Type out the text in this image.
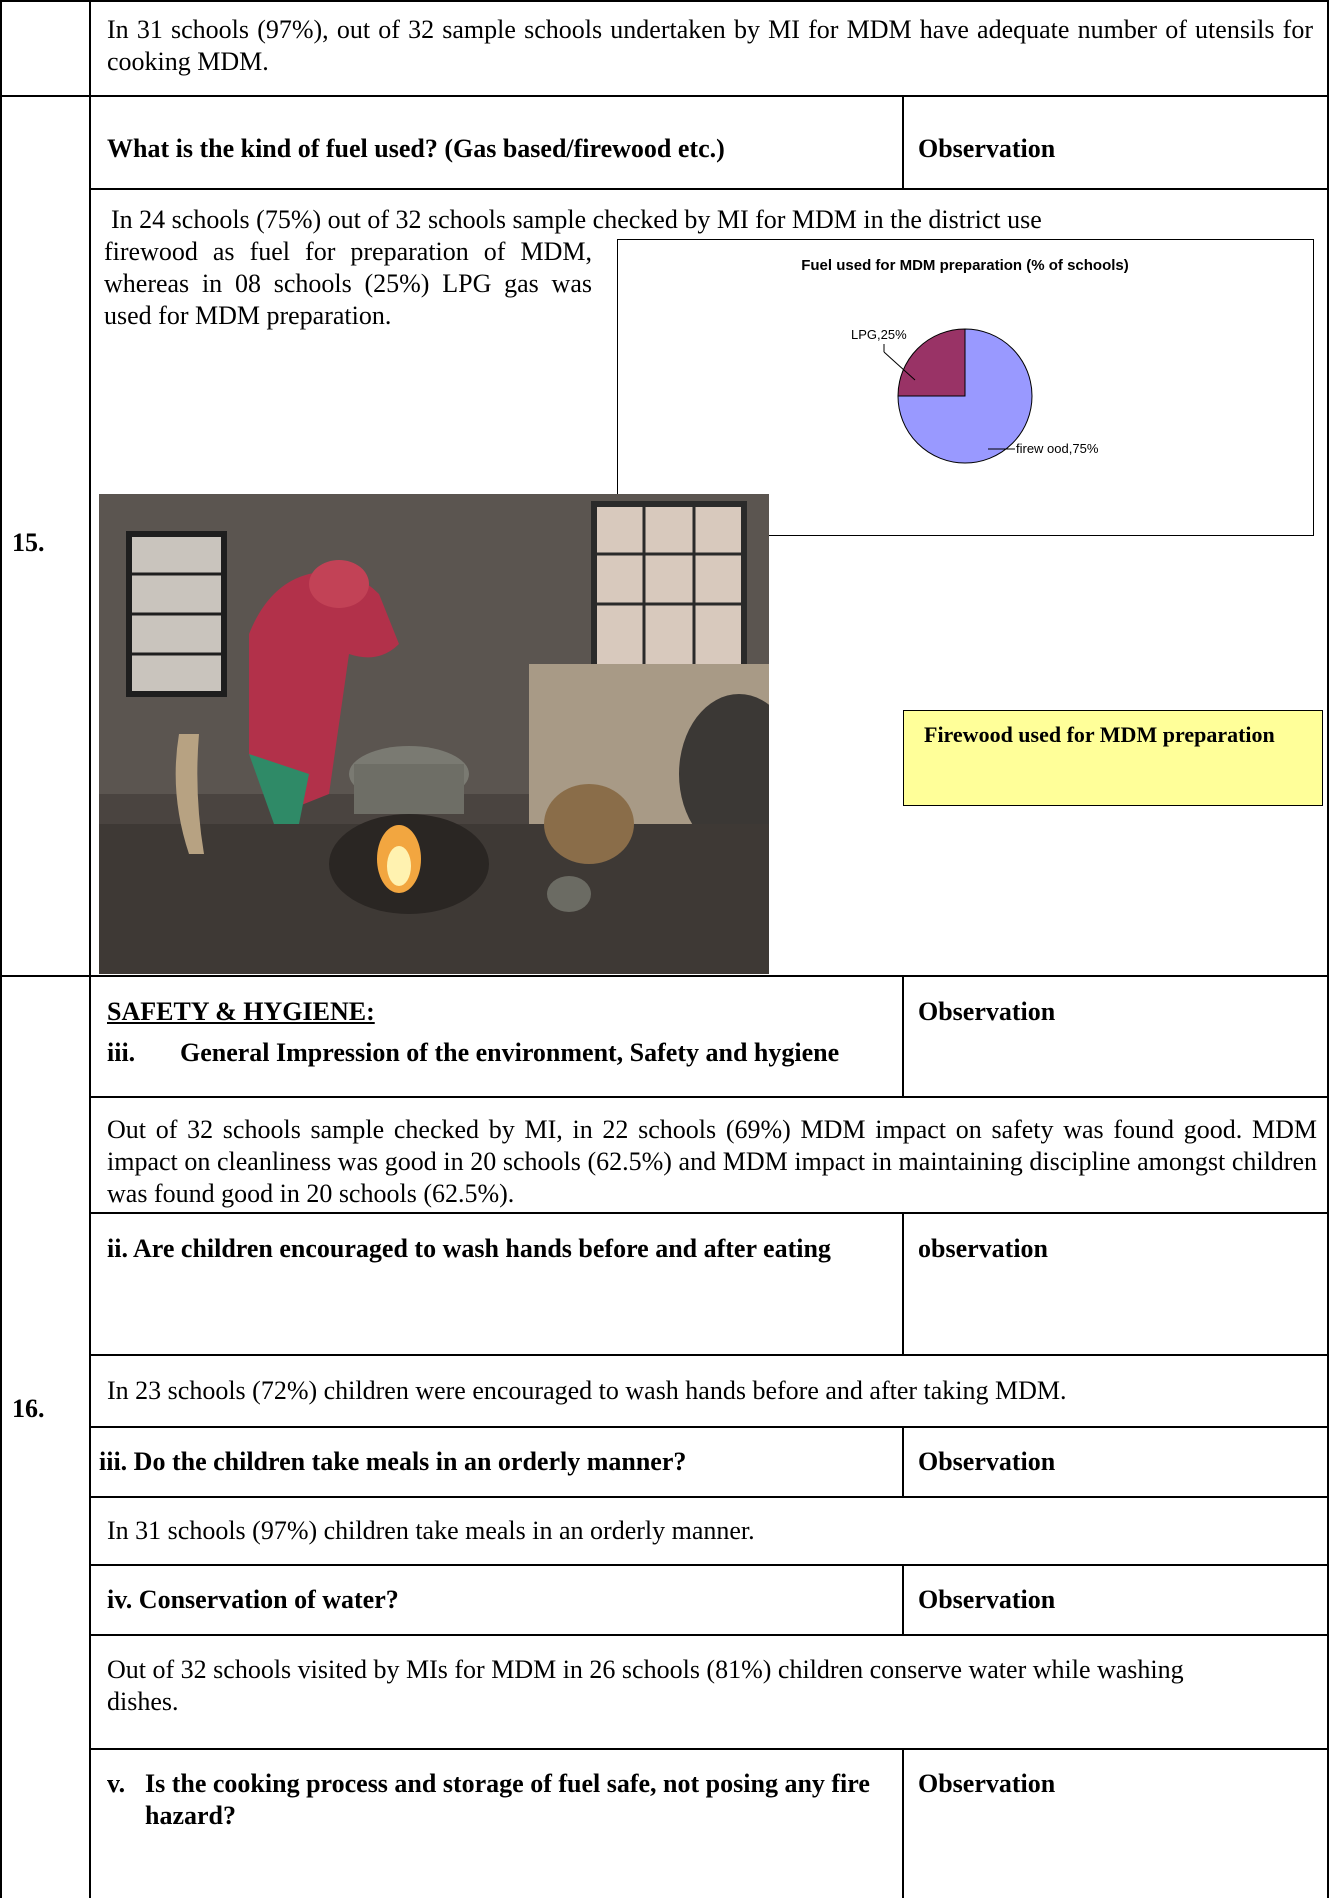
In 31 schools (97%), out of 32 sample schools undertaken by MI for MDM have adequate number of utensils for cooking MDM.
15.
What is the kind of fuel used? (Gas based/firewood etc.)	Observation
In 24 schools (75%) out of 32 schools sample checked by MI for MDM in the district use
firewood as fuel for preparation of MDM, whereas in 08 schools (25%) LPG gas was used for MDM preparation.
Fuel used for MDM preparation (% of schools)
LPG,25%
firew ood,75%
Firewood used for MDM preparation
16.
SAFETY & HYGIENE:
iii. General Impression of the environment, Safety and hygiene
Observation
Out of 32 schools sample checked by MI, in 22 schools (69%) MDM impact on safety was found good. MDM impact on cleanliness was good in 20 schools (62.5%) and MDM impact in maintaining discipline amongst children was found good in 20 schools (62.5%).
ii. Are children encouraged to wash hands before and after eating	observation
In 23 schools (72%) children were encouraged to wash hands before and after taking MDM.
iii. Do the children take meals in an orderly manner?	Observation
In 31 schools (97%) children take meals in an orderly manner.
iv. Conservation of water?	Observation
Out of 32 schools visited by MIs for MDM in 26 schools (81%) children conserve water while washing dishes.
v. Is the cooking process and storage of fuel safe, not posing any fire hazard?
Observation
